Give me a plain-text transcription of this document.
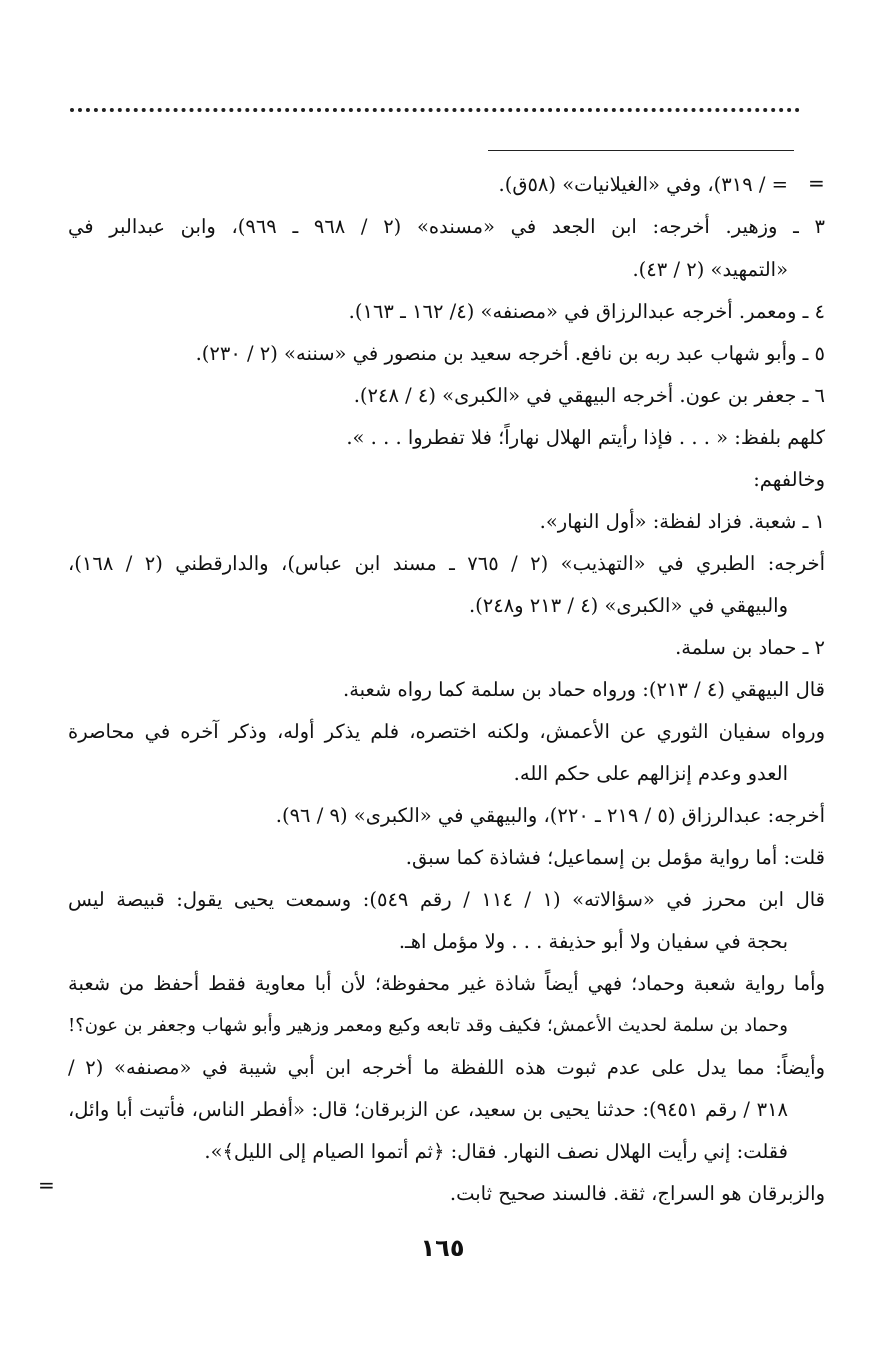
=
= / ٣١٩)، وفي «الغيلانيات» (٥٨ق).
٣ ـ وزهير. أخرجه: ابن الجعد في «مسنده» (٢ / ٩٦٨ ـ ٩٦٩)، وابن عبدالبر في
«التمهيد» (٢ / ٤٣).
٤ ـ ومعمر. أخرجه عبدالرزاق في «مصنفه» (٤/ ١٦٢ ـ ١٦٣).
٥ ـ وأبو شهاب عبد ربه بن نافع. أخرجه سعيد بن منصور في «سننه» (٢ / ٢٣٠).
٦ ـ جعفر بن عون. أخرجه البيهقي في «الكبرى» (٤ / ٢٤٨).
كلهم بلفظ: « . . . فإذا رأيتم الهلال نهاراً؛ فلا تفطروا . . . ».
وخالفهم:
١ ـ شعبة. فزاد لفظة: «أول النهار».
أخرجه: الطبري في «التهذيب» (٢ / ٧٦٥ ـ مسند ابن عباس)، والدارقطني (٢ / ١٦٨)،
والبيهقي في «الكبرى» (٤ / ٢١٣ و٢٤٨).
٢ ـ حماد بن سلمة.
قال البيهقي (٤ / ٢١٣): ورواه حماد بن سلمة كما رواه شعبة.
ورواه سفيان الثوري عن الأعمش، ولكنه اختصره، فلم يذكر أوله، وذكر آخره في محاصرة
العدو وعدم إنزالهم على حكم الله.
أخرجه: عبدالرزاق (٥ / ٢١٩ ـ ٢٢٠)، والبيهقي في «الكبرى» (٩ / ٩٦).
قلت: أما رواية مؤمل بن إسماعيل؛ فشاذة كما سبق.
قال ابن محرز في «سؤالاته» (١ / ١١٤ / رقم ٥٤٩): وسمعت يحيى يقول: قبيصة ليس
بحجة في سفيان ولا أبو حذيفة . . . ولا مؤمل اهـ.
وأما رواية شعبة وحماد؛ فهي أيضاً شاذة غير محفوظة؛ لأن أبا معاوية فقط أحفظ من شعبة
وحماد بن سلمة لحديث الأعمش؛ فكيف وقد تابعه وكيع ومعمر وزهير وأبو شهاب وجعفر بن عون؟!
وأيضاً: مما يدل على عدم ثبوت هذه اللفظة ما أخرجه ابن أبي شيبة في «مصنفه» (٢ /
٣١٨ / رقم ٩٤٥١): حدثنا يحيى بن سعيد، عن الزبرقان؛ قال: «أفطر الناس، فأتيت أبا وائل،
فقلت: إني رأيت الهلال نصف النهار. فقال: ﴿ثم أتموا الصيام إلى الليل﴾».
والزبرقان هو السراج، ثقة. فالسند صحيح ثابت.
=
١٦٥
